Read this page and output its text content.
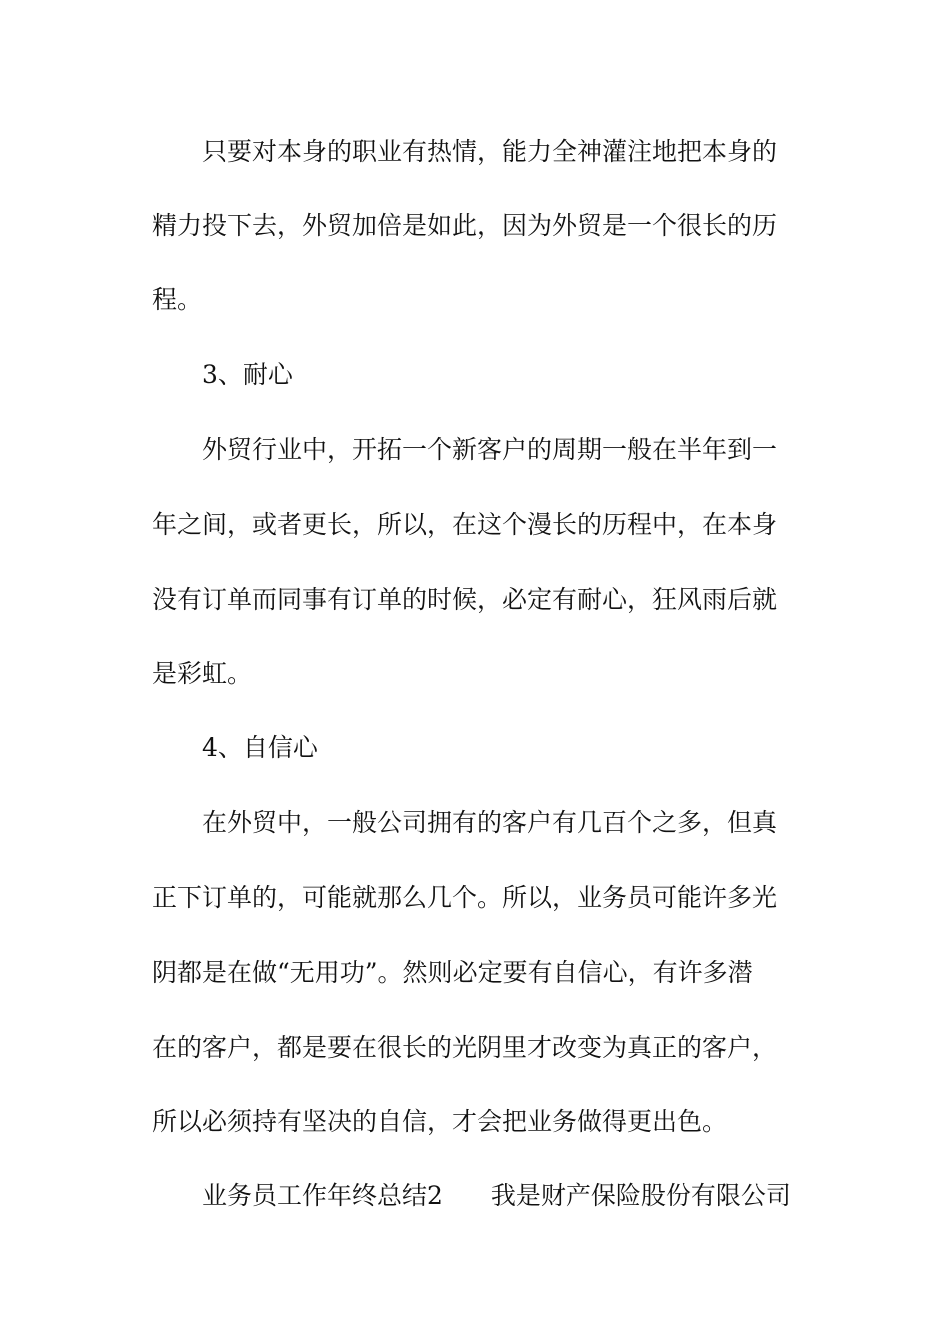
只要对本身的职业有热情，能力全神灌注地把本身的

精力投下去，外贸加倍是如此，因为外贸是一个很长的历

程。

3、耐心

外贸行业中，开拓一个新客户的周期一般在半年到一

年之间，或者更长，所以，在这个漫长的历程中，在本身

没有订单而同事有订单的时候，必定有耐心，狂风雨后就

是彩虹。

4、自信心

在外贸中，一般公司拥有的客户有几百个之多，但真

正下订单的，可能就那么几个。所以，业务员可能许多光

阴都是在做“无用功”。然则必定要有自信心，有许多潜

在的客户，都是要在很长的光阴里才改变为真正的客户，

所以必须持有坚决的自信，才会把业务做得更出色。

业务员工作年终总结2 我是财产保险股份有限公司
